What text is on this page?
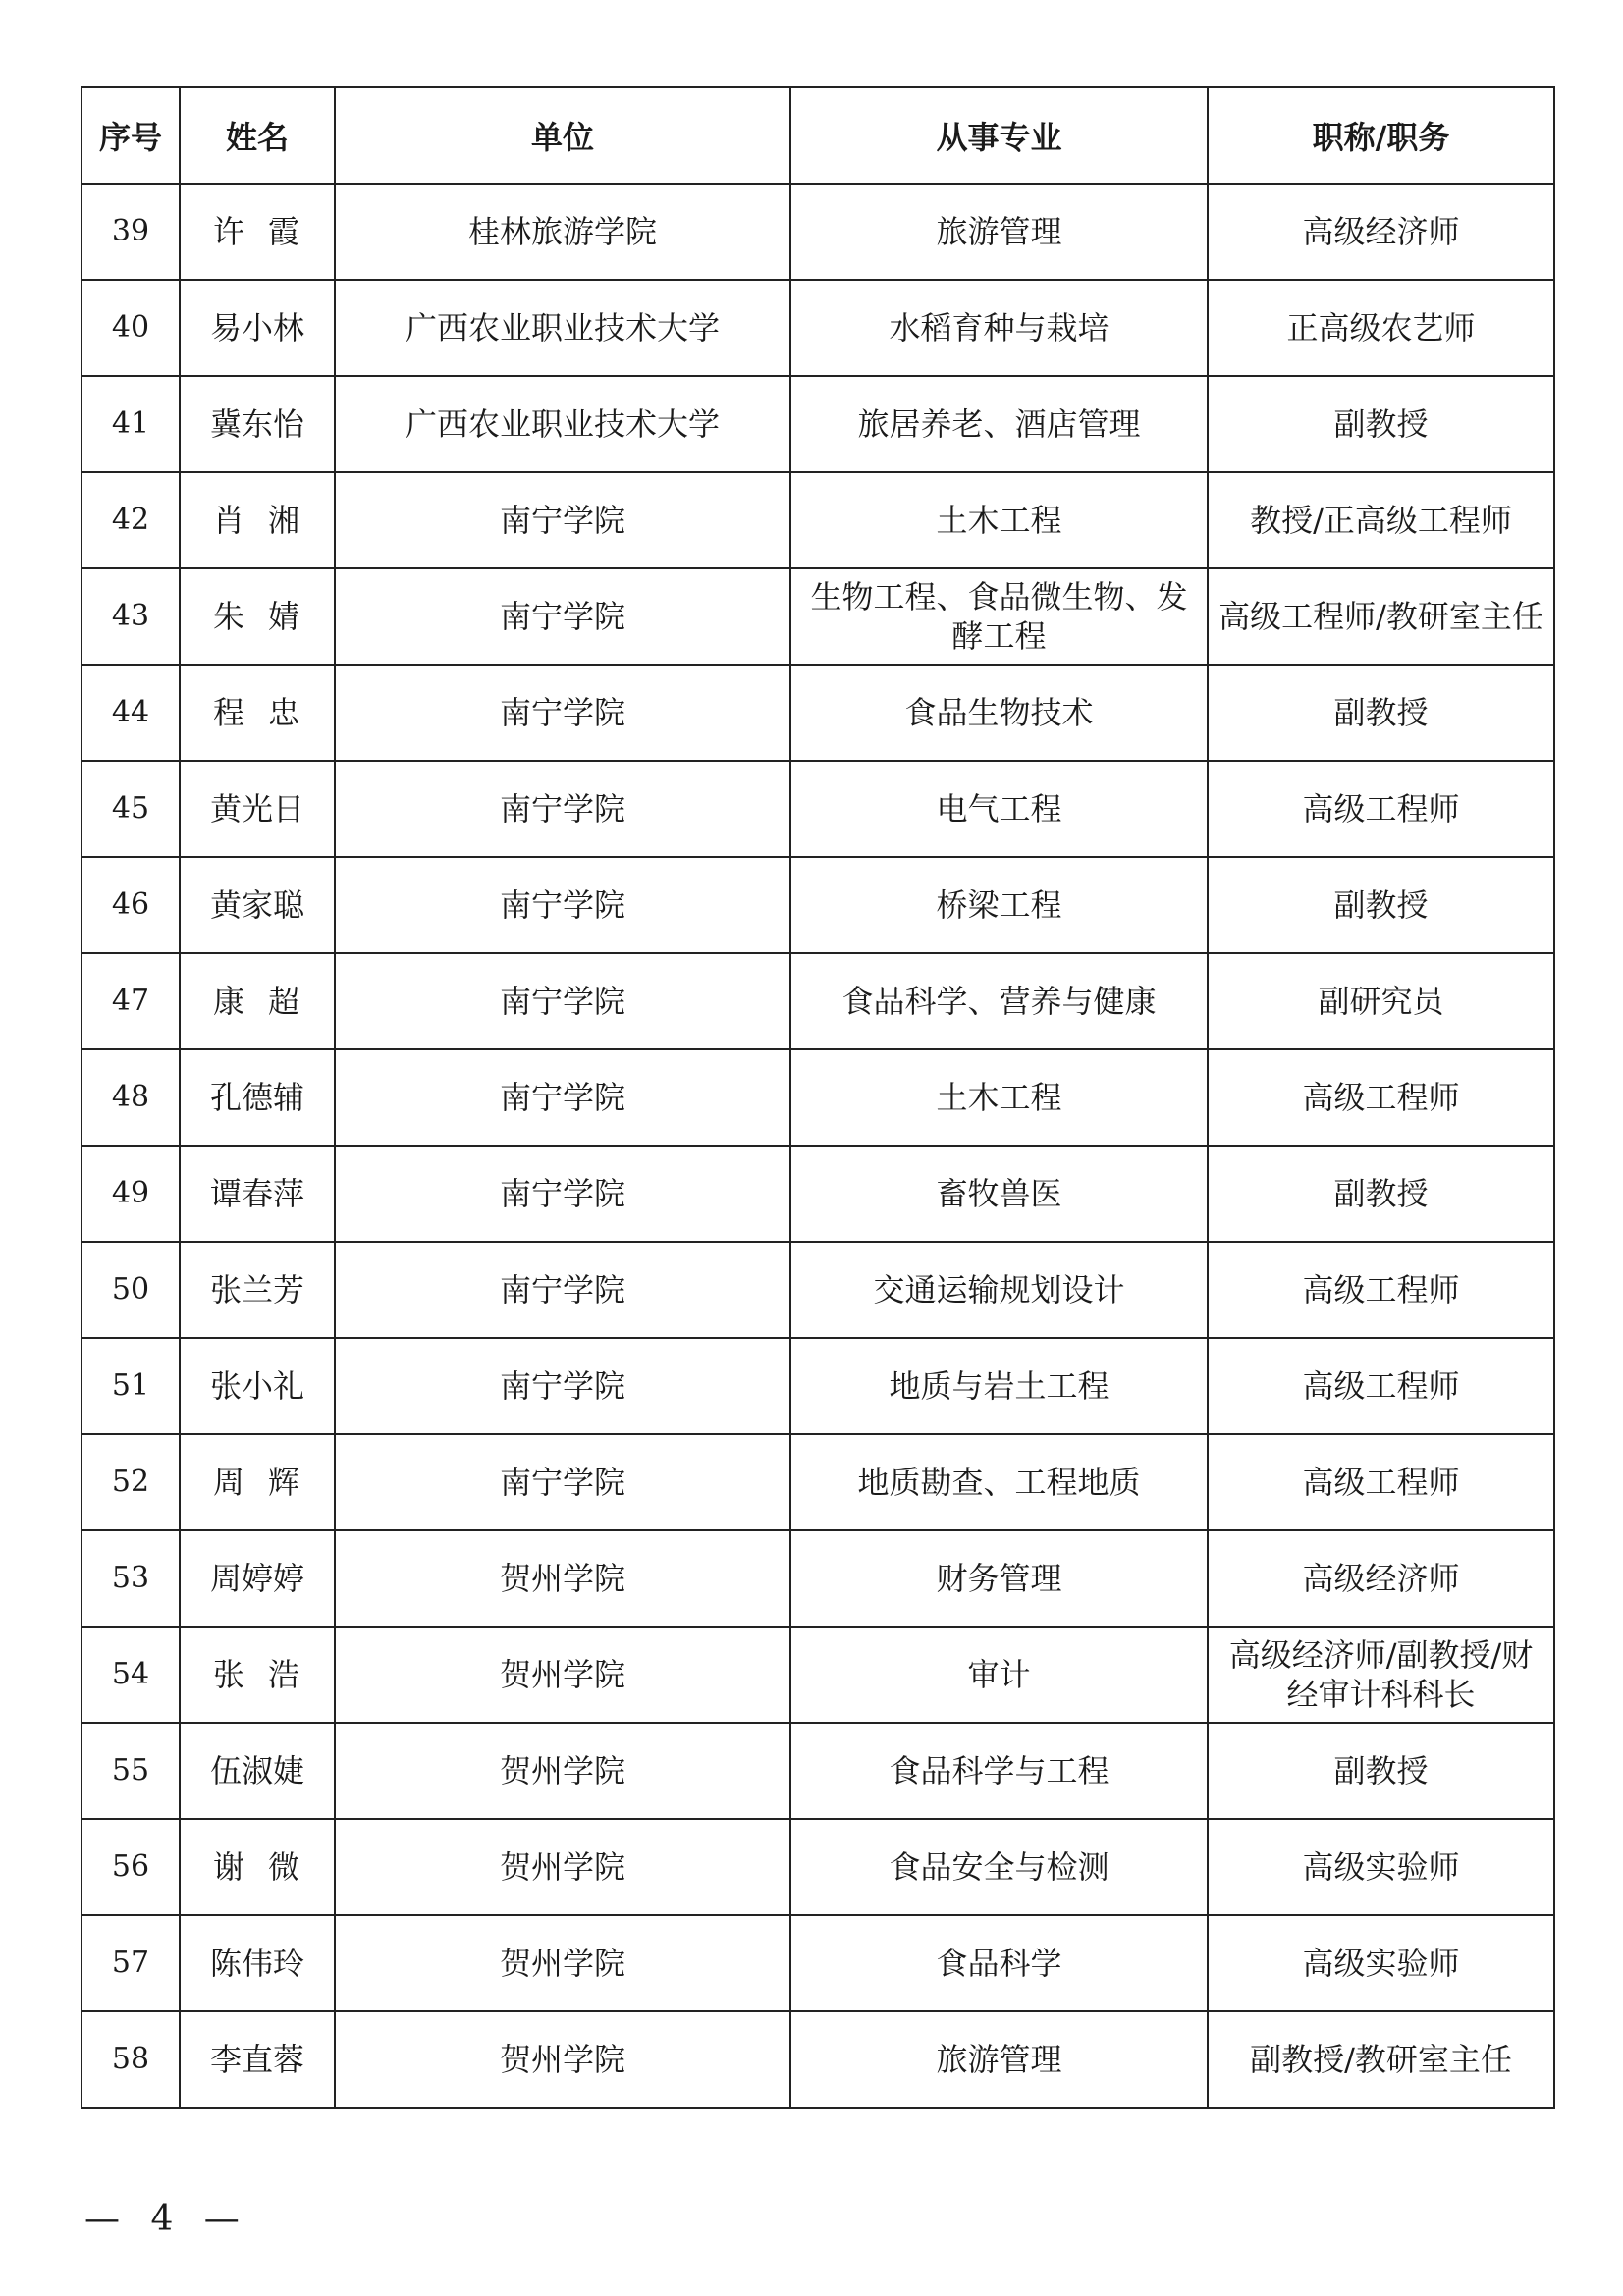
序号	姓名	单位	从事专业	职称/职务
39	许霞	桂林旅游学院	旅游管理	高级经济师
40	易小林	广西农业职业技术大学	水稻育种与栽培	正高级农艺师
41	冀东怡	广西农业职业技术大学	旅居养老、酒店管理	副教授
42	肖湘	南宁学院	土木工程	教授/正高级工程师
43	朱婧	南宁学院	生物工程、食品微生物、发酵工程	高级工程师/教研室主任
44	程忠	南宁学院	食品生物技术	副教授
45	黄光日	南宁学院	电气工程	高级工程师
46	黄家聪	南宁学院	桥梁工程	副教授
47	康超	南宁学院	食品科学、营养与健康	副研究员
48	孔德辅	南宁学院	土木工程	高级工程师
49	谭春萍	南宁学院	畜牧兽医	副教授
50	张兰芳	南宁学院	交通运输规划设计	高级工程师
51	张小礼	南宁学院	地质与岩土工程	高级工程师
52	周辉	南宁学院	地质勘查、工程地质	高级工程师
53	周婷婷	贺州学院	财务管理	高级经济师
54	张浩	贺州学院	审计	高级经济师/副教授/财经审计科科长
55	伍淑婕	贺州学院	食品科学与工程	副教授
56	谢微	贺州学院	食品安全与检测	高级实验师
57	陈伟玲	贺州学院	食品科学	高级实验师
58	李直蓉	贺州学院	旅游管理	副教授/教研室主任
— 4 —
